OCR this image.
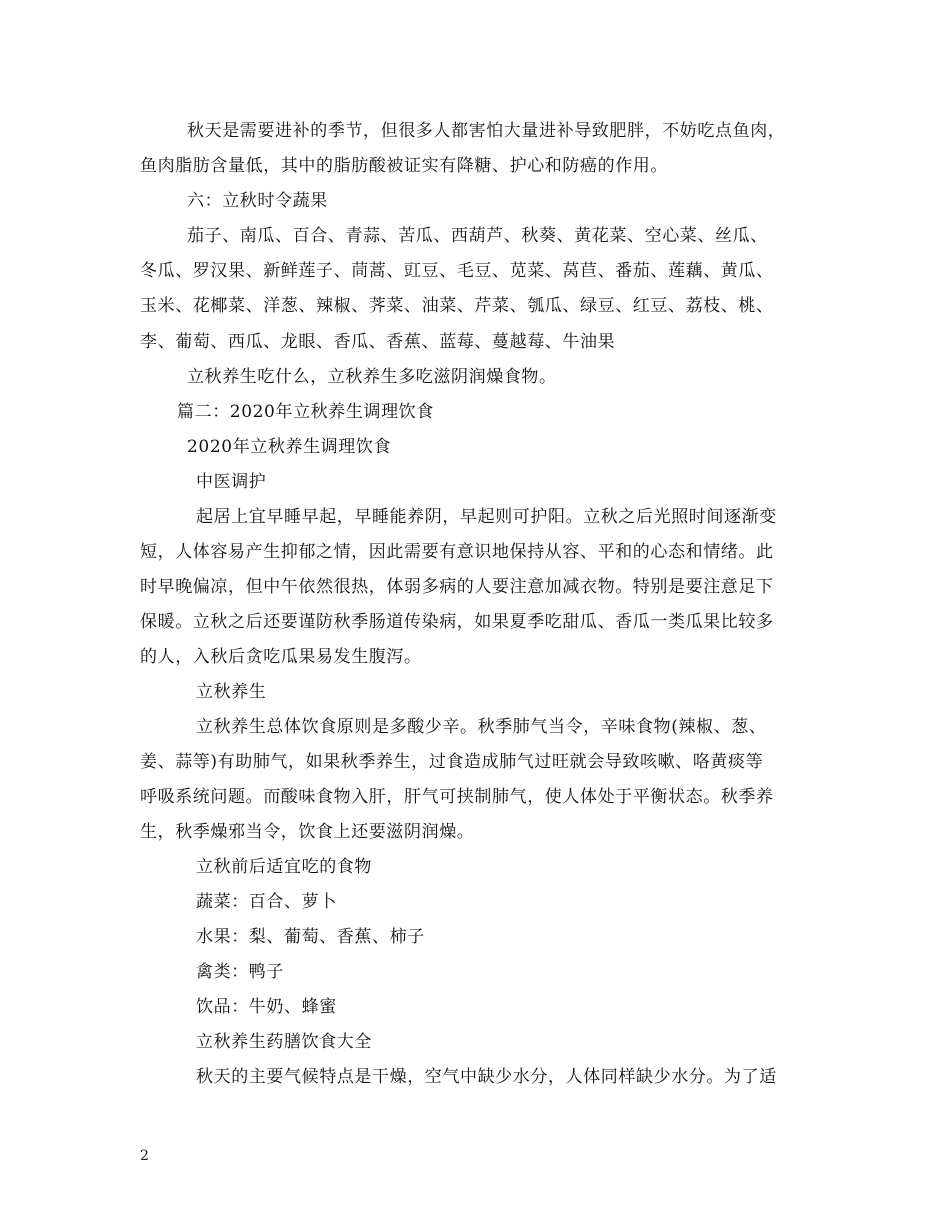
秋天是需要进补的季节，但很多人都害怕大量进补导致肥胖，不妨吃点鱼肉，
鱼肉脂肪含量低，其中的脂肪酸被证实有降糖、护心和防癌的作用。
六：立秋时令蔬果
茄子、南瓜、百合、青蒜、苦瓜、西葫芦、秋葵、黄花菜、空心菜、丝瓜、
冬瓜、罗汉果、新鲜莲子、茼蒿、豇豆、毛豆、苋菜、莴苣、番茄、莲藕、黄瓜、
玉米、花椰菜、洋葱、辣椒、荠菜、油菜、芹菜、瓠瓜、绿豆、红豆、荔枝、桃、
李、葡萄、西瓜、龙眼、香瓜、香蕉、蓝莓、蔓越莓、牛油果
立秋养生吃什么，立秋养生多吃滋阴润燥食物。
篇二：2020年立秋养生调理饮食
2020年立秋养生调理饮食
中医调护
起居上宜早睡早起，早睡能养阴，早起则可护阳。立秋之后光照时间逐渐变
短，人体容易产生抑郁之情，因此需要有意识地保持从容、平和的心态和情绪。此
时早晚偏凉，但中午依然很热，体弱多病的人要注意加减衣物。特别是要注意足下
保暖。立秋之后还要谨防秋季肠道传染病，如果夏季吃甜瓜、香瓜一类瓜果比较多
的人，入秋后贪吃瓜果易发生腹泻。
立秋养生
立秋养生总体饮食原则是多酸少辛。秋季肺气当令，辛味食物(辣椒、葱、
姜、蒜等)有助肺气，如果秋季养生，过食造成肺气过旺就会导致咳嗽、咯黄痰等
呼吸系统问题。而酸味食物入肝，肝气可挟制肺气，使人体处于平衡状态。秋季养
生，秋季燥邪当令，饮食上还要滋阴润燥。
立秋前后适宜吃的食物
蔬菜：百合、萝卜
水果：梨、葡萄、香蕉、柿子
禽类：鸭子
饮品：牛奶、蜂蜜
立秋养生药膳饮食大全
秋天的主要气候特点是干燥，空气中缺少水分，人体同样缺少水分。为了适
2
